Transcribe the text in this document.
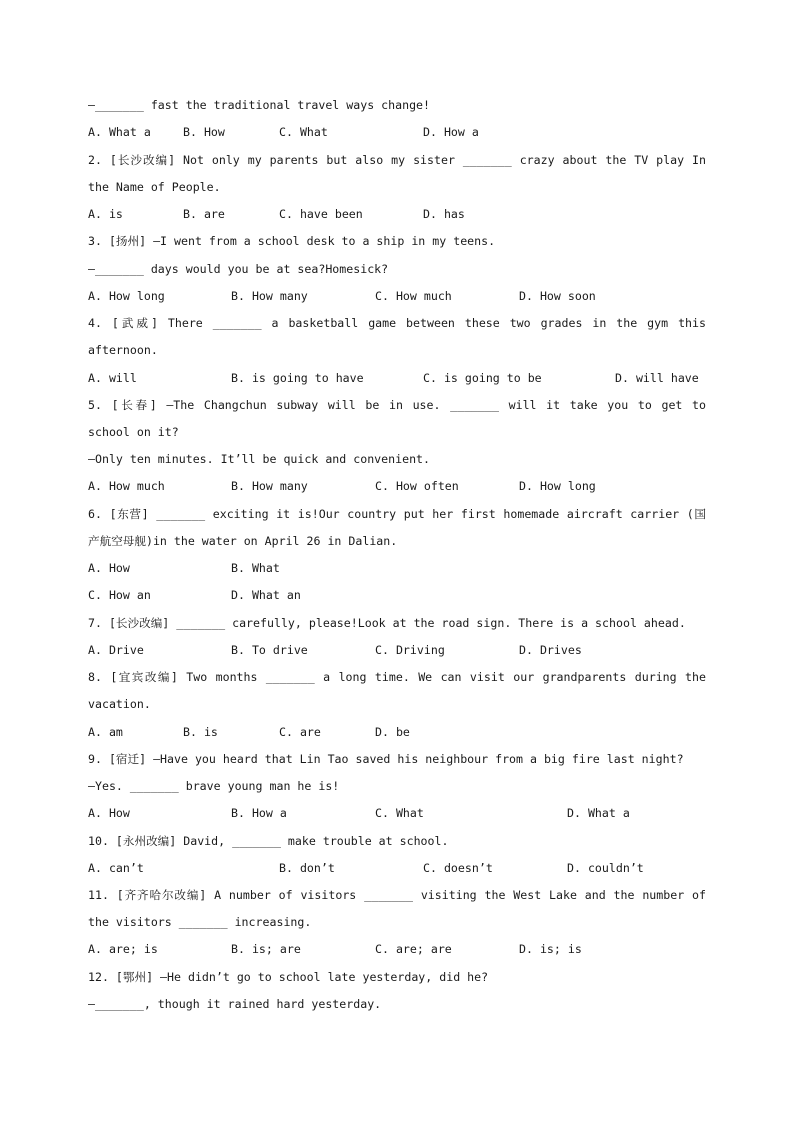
—_______ fast the traditional travel ways change!
A. What a	B. How	C. What	D. How a
2. [长沙改编] Not only my parents but also my sister _______ crazy about the TV play In
the Name of People.
A. is	B. are	C. have been	D. has
3. [扬州] —I went from a school desk to a ship in my teens.
—_______ days would you be at sea?Homesick?
A. How long	B. How many	C. How much	D. How soon
4. [武威] There _______ a basketball game between these two grades in the gym this
afternoon.
A. will	B. is going to have	C. is going to be	D. will have
5. [长春] —The Changchun subway will be in use. _______ will it take you to get to
school on it?
—Only ten minutes. It’ll be quick and convenient.
A. How much	B. How many	C. How often	D. How long
6. [东营] _______ exciting it is!Our country put her first homemade aircraft carrier (国
产航空母舰)in the water on April 26 in Dalian.
A. How	B. What
C. How an	D. What an
7. [长沙改编] _______ carefully, please!Look at the road sign. There is a school ahead.
A. Drive	B. To drive	C. Driving	D. Drives
8. [宜宾改编] Two months _______ a long time. We can visit our grandparents during the
vacation.
A. am	B. is	C. are	D. be
9. [宿迁] —Have you heard that Lin Tao saved his neighbour from a big fire last night?
—Yes. _______ brave young man he is!
A. How	B. How a	C. What	D. What a
10. [永州改编] David, _______ make trouble at school.
A. can’t	B. don’t	C. doesn’t	D. couldn’t
11. [齐齐哈尔改编] A number of visitors _______ visiting the West Lake and the number of
the visitors _______ increasing.
A. are; is	B. is; are	C. are; are	D. is; is
12. [鄂州] —He didn’t go to school late yesterday, did he?
—_______, though it rained hard yesterday.
